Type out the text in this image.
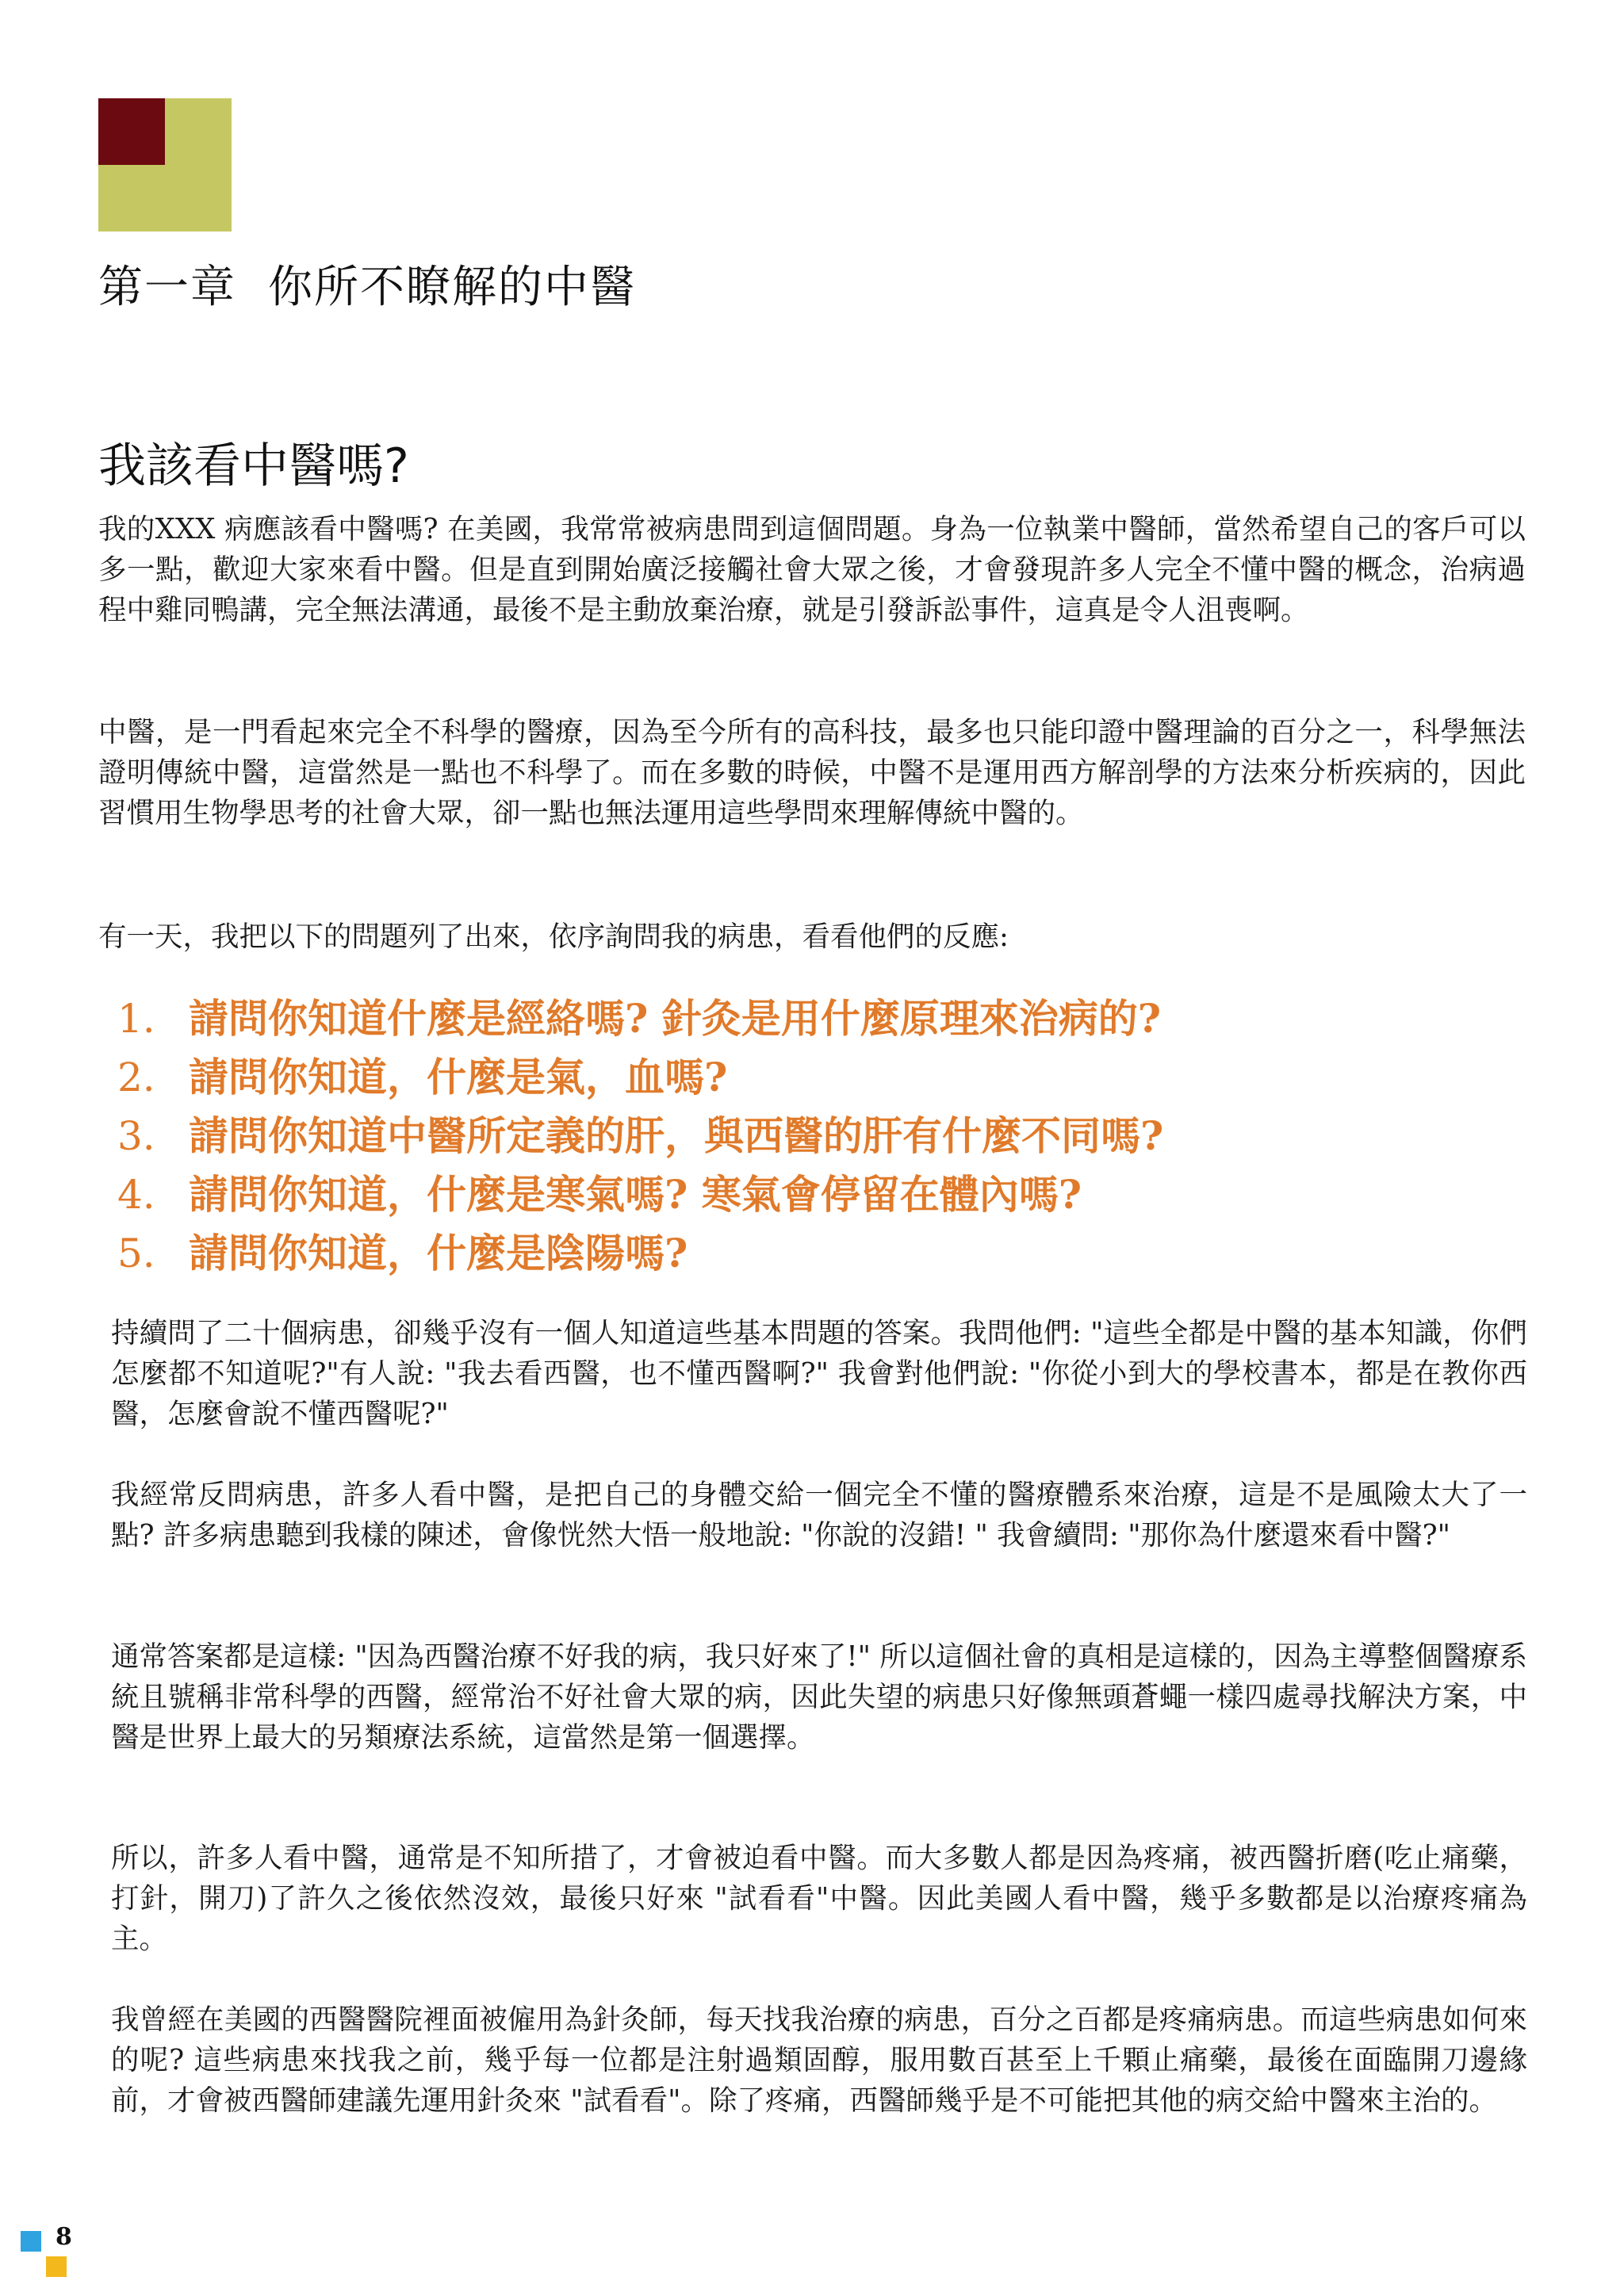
第一章 你所不瞭解的中醫
我該看中醫嗎?

我的XXX 病應該看中醫嗎? 在美國，我常常被病患問到這個問題。身為一位執業中醫師，當然希望自己的客戶可以多一點，歡迎大家來看中醫。但是直到開始廣泛接觸社會大眾之後，才會發現許多人完全不懂中醫的概念，治病過程中雞同鴨講，完全無法溝通，最後不是主動放棄治療，就是引發訴訟事件，這真是令人沮喪啊。

中醫，是一門看起來完全不科學的醫療，因為至今所有的高科技，最多也只能印證中醫理論的百分之一，科學無法證明傳統中醫，這當然是一點也不科學了。而在多數的時候，中醫不是運用西方解剖學的方法來分析疾病的，因此習慣用生物學思考的社會大眾，卻一點也無法運用這些學問來理解傳統中醫的。

有一天，我把以下的問題列了出來，依序詢問我的病患，看看他們的反應:

1. 請問你知道什麼是經絡嗎? 針灸是用什麼原理來治病的?
2. 請問你知道，什麼是氣，血嗎?
3. 請問你知道中醫所定義的肝，與西醫的肝有什麼不同嗎?
4. 請問你知道，什麼是寒氣嗎? 寒氣會停留在體內嗎?
5. 請問你知道，什麼是陰陽嗎?

持續問了二十個病患，卻幾乎沒有一個人知道這些基本問題的答案。我問他們: "這些全都是中醫的基本知識，你們怎麼都不知道呢?"有人說: "我去看西醫，也不懂西醫啊?" 我會對他們說: "你從小到大的學校書本，都是在教你西醫，怎麼會說不懂西醫呢?"

我經常反問病患，許多人看中醫，是把自己的身體交給一個完全不懂的醫療體系來治療，這是不是風險太大了一點? 許多病患聽到我樣的陳述，會像恍然大悟一般地說: "你說的沒錯! " 我會續問: "那你為什麼還來看中醫?"

通常答案都是這樣: "因為西醫治療不好我的病，我只好來了!" 所以這個社會的真相是這樣的，因為主導整個醫療系統且號稱非常科學的西醫，經常治不好社會大眾的病，因此失望的病患只好像無頭蒼蠅一樣四處尋找解決方案，中醫是世界上最大的另類療法系統，這當然是第一個選擇。

所以，許多人看中醫，通常是不知所措了，才會被迫看中醫。而大多數人都是因為疼痛，被西醫折磨(吃止痛藥，打針，開刀)了許久之後依然沒效，最後只好來 "試看看"中醫。因此美國人看中醫，幾乎多數都是以治療疼痛為主。

我曾經在美國的西醫醫院裡面被僱用為針灸師，每天找我治療的病患，百分之百都是疼痛病患。而這些病患如何來的呢? 這些病患來找我之前，幾乎每一位都是注射過類固醇，服用數百甚至上千顆止痛藥，最後在面臨開刀邊緣前，才會被西醫師建議先運用針灸來 "試看看"。除了疼痛，西醫師幾乎是不可能把其他的病交給中醫來主治的。

8
